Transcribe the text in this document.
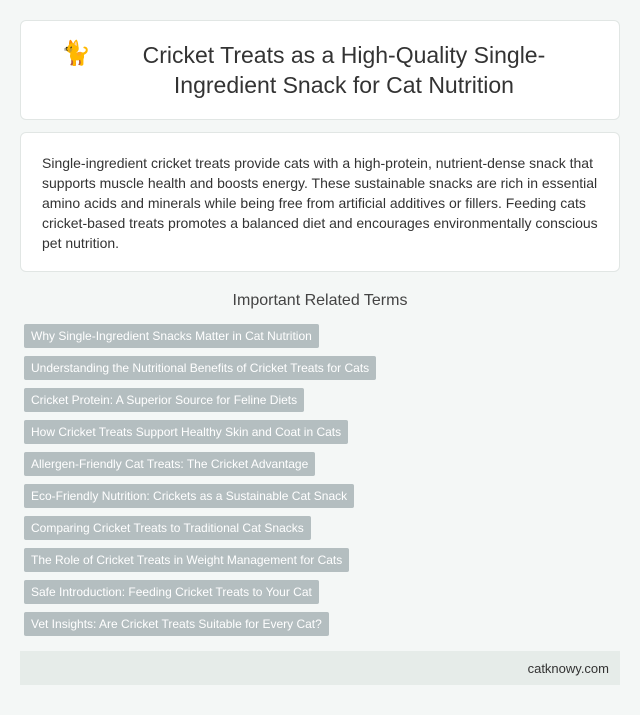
🐈	Cricket Treats as a High-Quality Single-Ingredient Snack for Cat Nutrition

Single-ingredient cricket treats provide cats with a high-protein, nutrient-dense snack that supports muscle health and boosts energy. These sustainable snacks are rich in essential amino acids and minerals while being free from artificial additives or fillers. Feeding cats cricket-based treats promotes a balanced diet and encourages environmentally conscious pet nutrition.

Important Related Terms
Why Single-Ingredient Snacks Matter in Cat Nutrition
Understanding the Nutritional Benefits of Cricket Treats for Cats
Cricket Protein: A Superior Source for Feline Diets
How Cricket Treats Support Healthy Skin and Coat in Cats
Allergen-Friendly Cat Treats: The Cricket Advantage
Eco-Friendly Nutrition: Crickets as a Sustainable Cat Snack
Comparing Cricket Treats to Traditional Cat Snacks
The Role of Cricket Treats in Weight Management for Cats
Safe Introduction: Feeding Cricket Treats to Your Cat
Vet Insights: Are Cricket Treats Suitable for Every Cat?
catknowy.com
